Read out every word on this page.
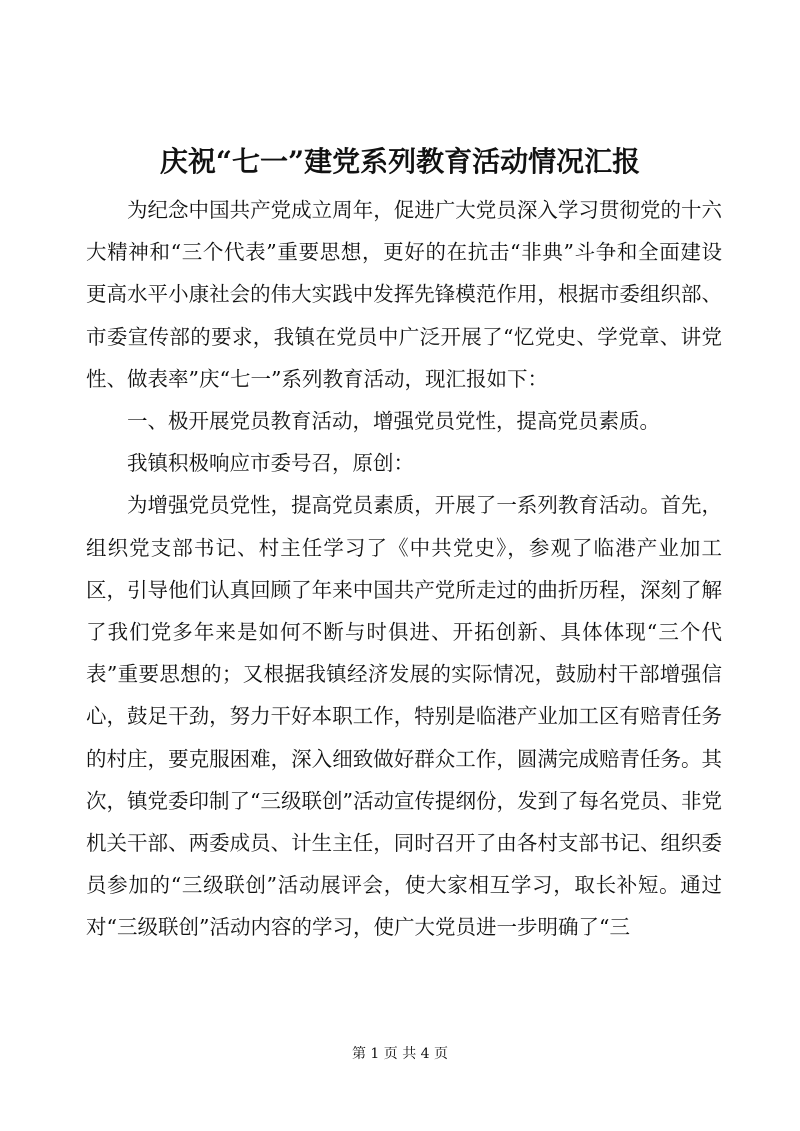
庆祝“七一”建党系列教育活动情况汇报

为纪念中国共产党成立周年，促进广大党员深入学习贯彻党的十六大精神和“三个代表”重要思想，更好的在抗击“非典”斗争和全面建设更高水平小康社会的伟大实践中发挥先锋模范作用，根据市委组织部、市委宣传部的要求，我镇在党员中广泛开展了“忆党史、学党章、讲党性、做表率”庆“七一”系列教育活动，现汇报如下：

一、极开展党员教育活动，增强党员党性，提高党员素质。

我镇积极响应市委号召，原创：

为增强党员党性，提高党员素质，开展了一系列教育活动。首先，组织党支部书记、村主任学习了《中共党史》，参观了临港产业加工区，引导他们认真回顾了年来中国共产党所走过的曲折历程，深刻了解了我们党多年来是如何不断与时俱进、开拓创新、具体体现“三个代表”重要思想的；又根据我镇经济发展的实际情况，鼓励村干部增强信心，鼓足干劲，努力干好本职工作，特别是临港产业加工区有赔青任务的村庄，要克服困难，深入细致做好群众工作，圆满完成赔青任务。其次，镇党委印制了“三级联创”活动宣传提纲份，发到了每名党员、非党机关干部、两委成员、计生主任，同时召开了由各村支部书记、组织委员参加的“三级联创”活动展评会，使大家相互学习，取长补短。通过对“三级联创”活动内容的学习，使广大党员进一步明确了“三

第 1 页 共 4 页
